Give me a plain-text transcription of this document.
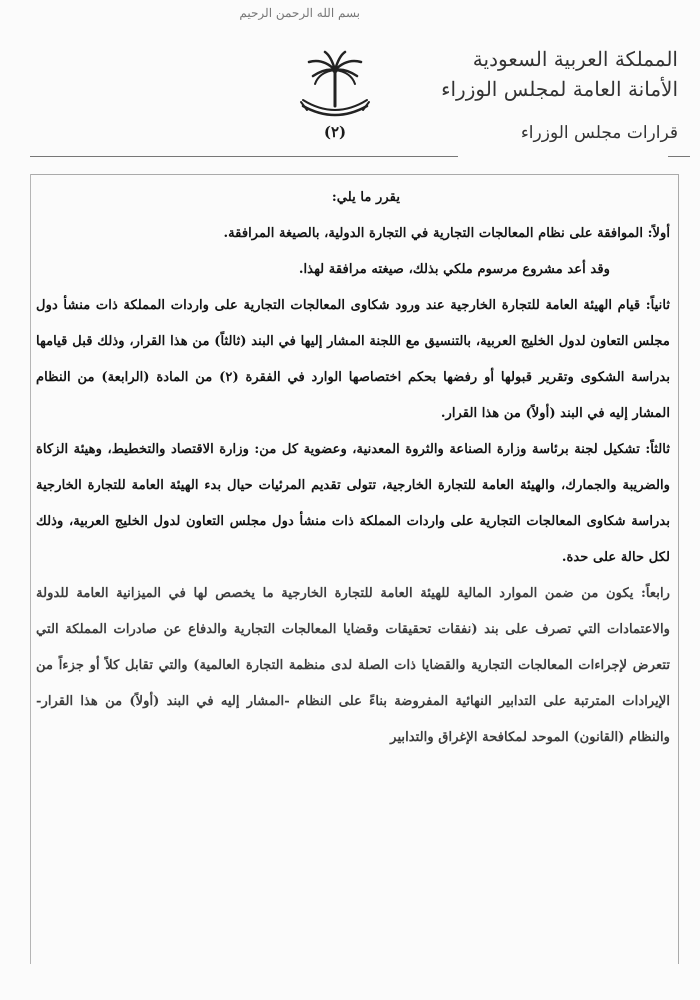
بسم الله الرحمن الرحيم
(٢)
المملكة العربية السعودية
الأمانة العامة لمجلس الوزراء
قرارات مجلس الوزراء

يقرر ما يلي:

أولاً: الموافقة على نظام المعالجات التجارية في التجارة الدولية، بالصيغة المرافقة.

وقد أعد مشروع مرسوم ملكي بذلك، صيغته مرافقة لهذا.

ثانياً: قيام الهيئة العامة للتجارة الخارجية عند ورود شكاوى المعالجات التجارية على واردات المملكة ذات منشأ دول مجلس التعاون لدول الخليج العربية، بالتنسيق مع اللجنة المشار إليها في البند (ثالثاً) من هذا القرار، وذلك قبل قيامها بدراسة الشكوى وتقرير قبولها أو رفضها بحكم اختصاصها الوارد في الفقرة (٢) من المادة (الرابعة) من النظام المشار إليه في البند (أولاً) من هذا القرار.

ثالثاً: تشكيل لجنة برئاسة وزارة الصناعة والثروة المعدنية، وعضوية كل من: وزارة الاقتصاد والتخطيط، وهيئة الزكاة والضريبة والجمارك، والهيئة العامة للتجارة الخارجية، تتولى تقديم المرئيات حيال بدء الهيئة العامة للتجارة الخارجية بدراسة شكاوى المعالجات التجارية على واردات المملكة ذات منشأ دول مجلس التعاون لدول الخليج العربية، وذلك لكل حالة على حدة.

رابعاً: يكون من ضمن الموارد المالية للهيئة العامة للتجارة الخارجية ما يخصص لها في الميزانية العامة للدولة والاعتمادات التي تصرف على بند (نفقات تحقيقات وقضايا المعالجات التجارية والدفاع عن صادرات المملكة التي تتعرض لإجراءات المعالجات التجارية والقضايا ذات الصلة لدى منظمة التجارة العالمية) والتي تقابل كلاً أو جزءاً من الإيرادات المترتبة على التدابير النهائية المفروضة بناءً على النظام -المشار إليه في البند (أولاً) من هذا القرار- والنظام (القانون) الموحد لمكافحة الإغراق والتدابير
